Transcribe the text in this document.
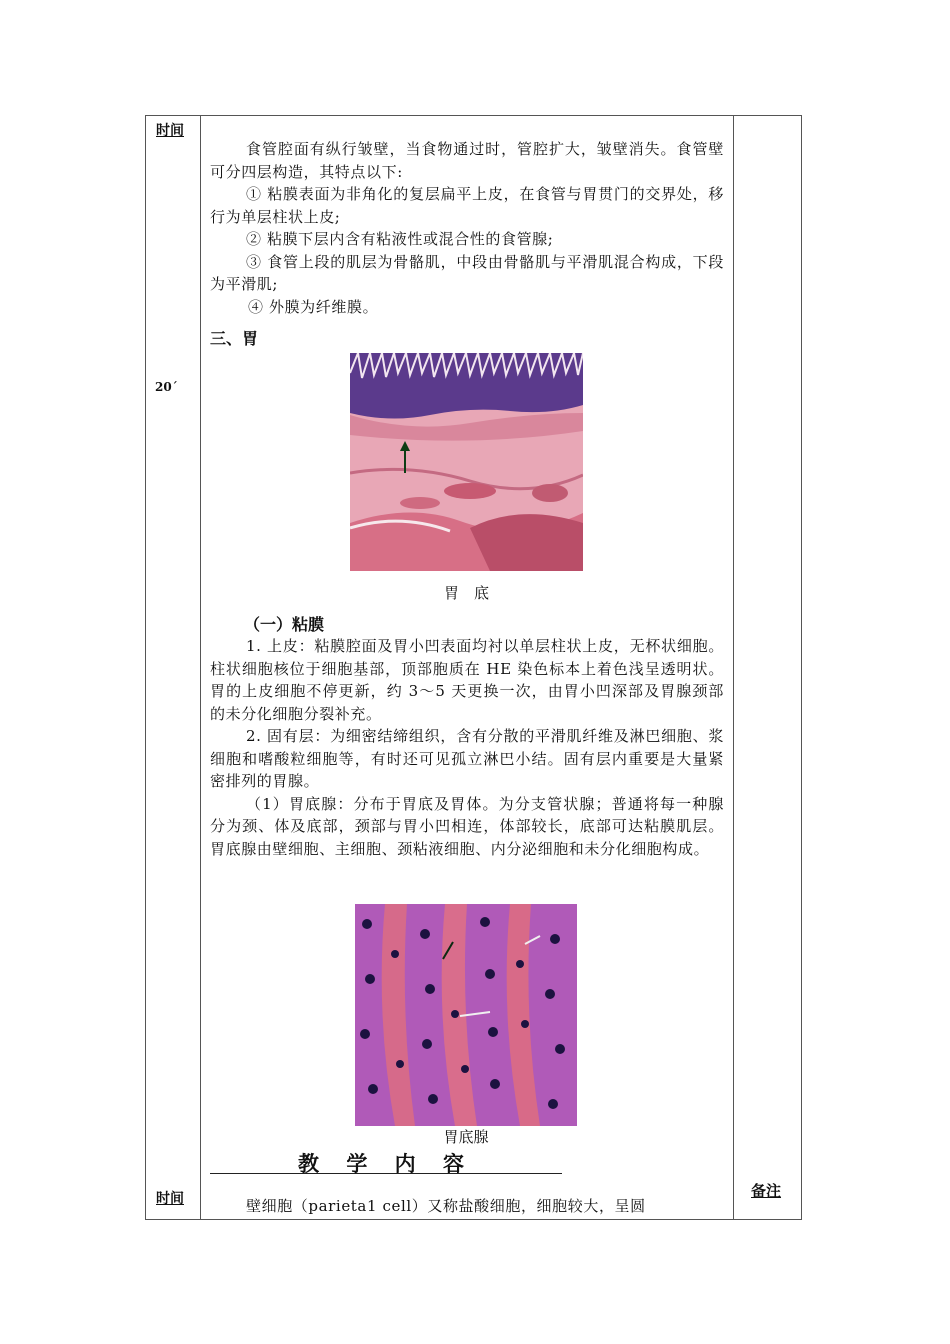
时间
20´
时间	备注

食管腔面有纵行皱壁，当食物通过时，管腔扩大，皱壁消失。食管壁可分四层构造，其特点以下:

① 粘膜表面为非角化的复层扁平上皮，在食管与胃贯门的交界处，移行为单层柱状上皮;

② 粘膜下层内含有粘液性或混合性的食管腺;

③ 食管上段的肌层为骨骼肌，中段由骨骼肌与平滑肌混合构成，下段为平滑肌;

④ 外膜为纤维膜。

三、胃
胃　底
（一）粘膜

1. 上皮：粘膜腔面及胃小凹表面均衬以单层柱状上皮，无杯状细胞。柱状细胞核位于细胞基部，顶部胞质在 HE 染色标本上着色浅呈透明状。胃的上皮细胞不停更新，约 3～5 天更换一次，由胃小凹深部及胃腺颈部的未分化细胞分裂补充。

2. 固有层：为细密结缔组织，含有分散的平滑肌纤维及淋巴细胞、浆细胞和嗜酸粒细胞等，有时还可见孤立淋巴小结。固有层内重要是大量紧密排列的胃腺。

（1）胃底腺：分布于胃底及胃体。为分支管状腺；普通将每一种腺分为颈、体及底部，颈部与胃小凹相连，体部较长，底部可达粘膜肌层。胃底腺由壁细胞、主细胞、颈粘液细胞、内分泌细胞和未分化细胞构成。

胃底腺
教 学 内 容

壁细胞（parieta1 cell）又称盐酸细胞，细胞较大，呈圆
